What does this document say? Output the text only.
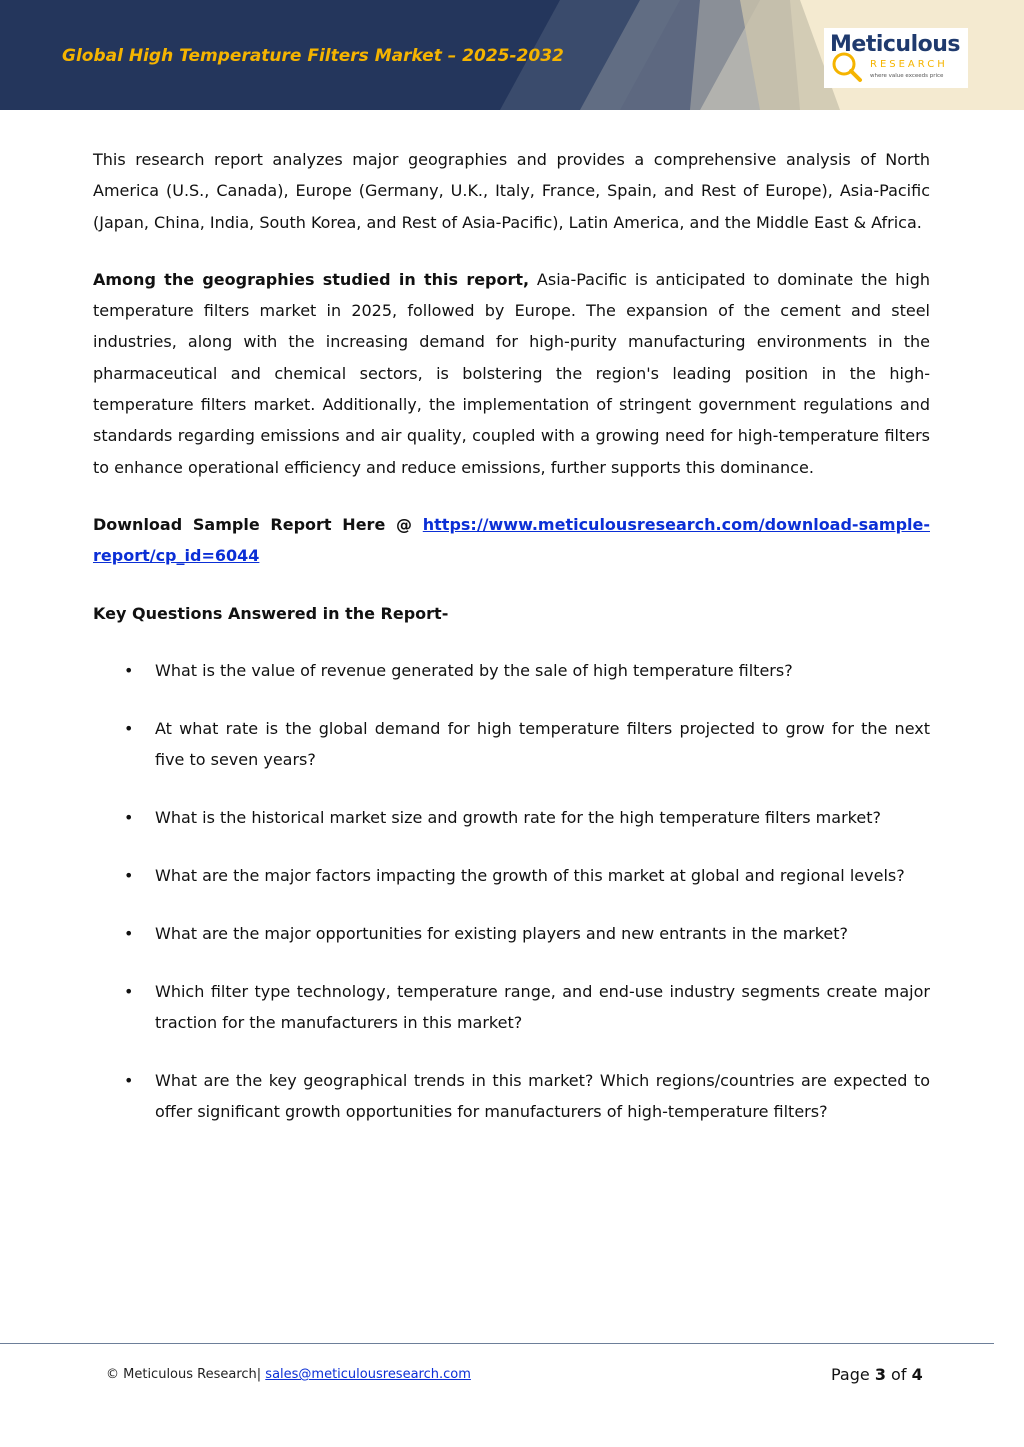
Global High Temperature Filters Market – 2025-2032	Meticulous
RESEARCH
where value exceeds price

This research report analyzes major geographies and provides a comprehensive analysis of North America (U.S., Canada), Europe (Germany, U.K., Italy, France, Spain, and Rest of Europe), Asia-Pacific (Japan, China, India, South Korea, and Rest of Asia-Pacific), Latin America, and the Middle East & Africa.

Among the geographies studied in this report, Asia-Pacific is anticipated to dominate the high temperature filters market in 2025, followed by Europe. The expansion of the cement and steel industries, along with the increasing demand for high-purity manufacturing environments in the pharmaceutical and chemical sectors, is bolstering the region's leading position in the high-temperature filters market. Additionally, the implementation of stringent government regulations and standards regarding emissions and air quality, coupled with a growing need for high-temperature filters to enhance operational efficiency and reduce emissions, further supports this dominance.

Download Sample Report Here @ https://www.meticulousresearch.com/download-sample-report/cp_id=6044

Key Questions Answered in the Report-

• What is the value of revenue generated by the sale of high temperature filters?
• At what rate is the global demand for high temperature filters projected to grow for the next five to seven years?
• What is the historical market size and growth rate for the high temperature filters market?
• What are the major factors impacting the growth of this market at global and regional levels?
• What are the major opportunities for existing players and new entrants in the market?
• Which filter type technology, temperature range, and end-use industry segments create major traction for the manufacturers in this market?
• What are the key geographical trends in this market? Which regions/countries are expected to offer significant growth opportunities for manufacturers of high-temperature filters?
© Meticulous Research| sales@meticulousresearch.com	Page 3 of 4
